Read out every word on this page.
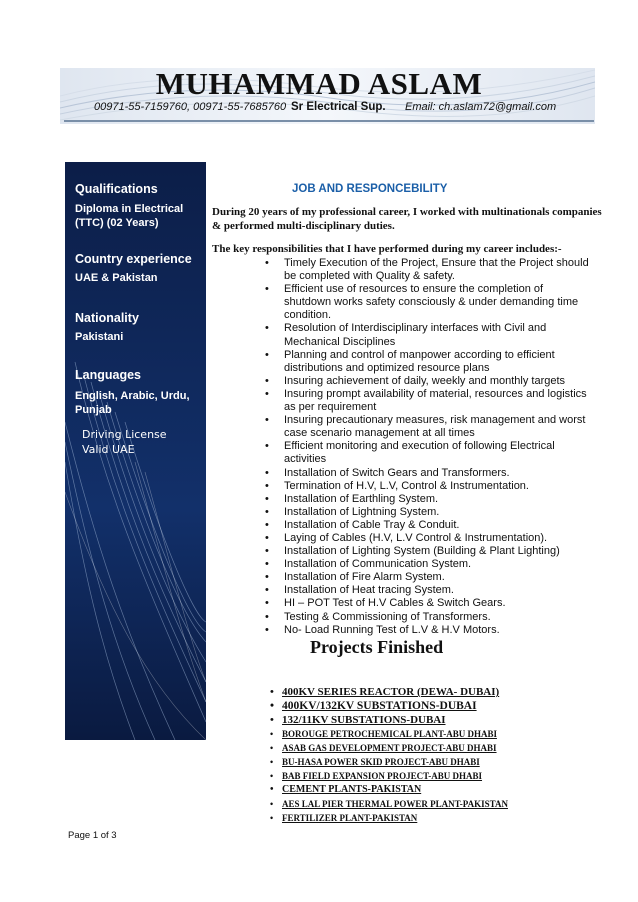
MUHAMMAD ASLAM
00971-55-7159760, 00971-55-7685760 Sr Electrical Sup. Email: ch.aslam72@gmail.com
Qualifications
Diploma in Electrical (TTC) (02 Years)
Country experience
UAE & Pakistan
Nationality
Pakistani
Languages
English, Arabic, Urdu, Punjab
Driving License
Valid UAE
JOB AND RESPONCEBILITY
During 20 years of my professional career, I worked with multinationals companies & performed multi-disciplinary duties.
The key responsibilities that I have performed during my career includes:-
• Timely Execution of the Project, Ensure that the Project should be completed with Quality & safety.
• Efficient use of resources to ensure the completion of shutdown works safety consciously & under demanding time condition.
• Resolution of Interdisciplinary interfaces with Civil and Mechanical Disciplines
• Planning and control of manpower according to efficient distributions and optimized resource plans
• Insuring achievement of daily, weekly and monthly targets
• Insuring prompt availability of material, resources and logistics as per requirement
• Insuring precautionary measures, risk management and worst case scenario management at all times
• Efficient monitoring and execution of following Electrical activities
• Installation of Switch Gears and Transformers.
• Termination of H.V, L.V, Control & Instrumentation.
• Installation of Earthling System.
• Installation of Lightning System.
• Installation of Cable Tray & Conduit.
• Laying of Cables (H.V, L.V Control & Instrumentation).
• Installation of Lighting System (Building & Plant Lighting)
• Installation of Communication System.
• Installation of Fire Alarm System.
• Installation of Heat tracing System.
• HI – POT Test of H.V Cables & Switch Gears.
• Testing & Commissioning of Transformers.
• No- Load Running Test of L.V & H.V Motors.
Projects Finished
• 400KV SERIES REACTOR (DEWA- DUBAI)
• 400KV/132KV SUBSTATIONS-DUBAI
• 132/11KV SUBSTATIONS-DUBAI
• BOROUGE PETROCHEMICAL PLANT-ABU DHABI
• ASAB GAS DEVELOPMENT PROJECT-ABU DHABI
• BU-HASA POWER SKID PROJECT-ABU DHABI
• BAB FIELD EXPANSION PROJECT-ABU DHABI
• CEMENT PLANTS-PAKISTAN
• AES LAL PIER THERMAL POWER PLANT-PAKISTAN
• FERTILIZER PLANT-PAKISTAN
Page 1 of 3
